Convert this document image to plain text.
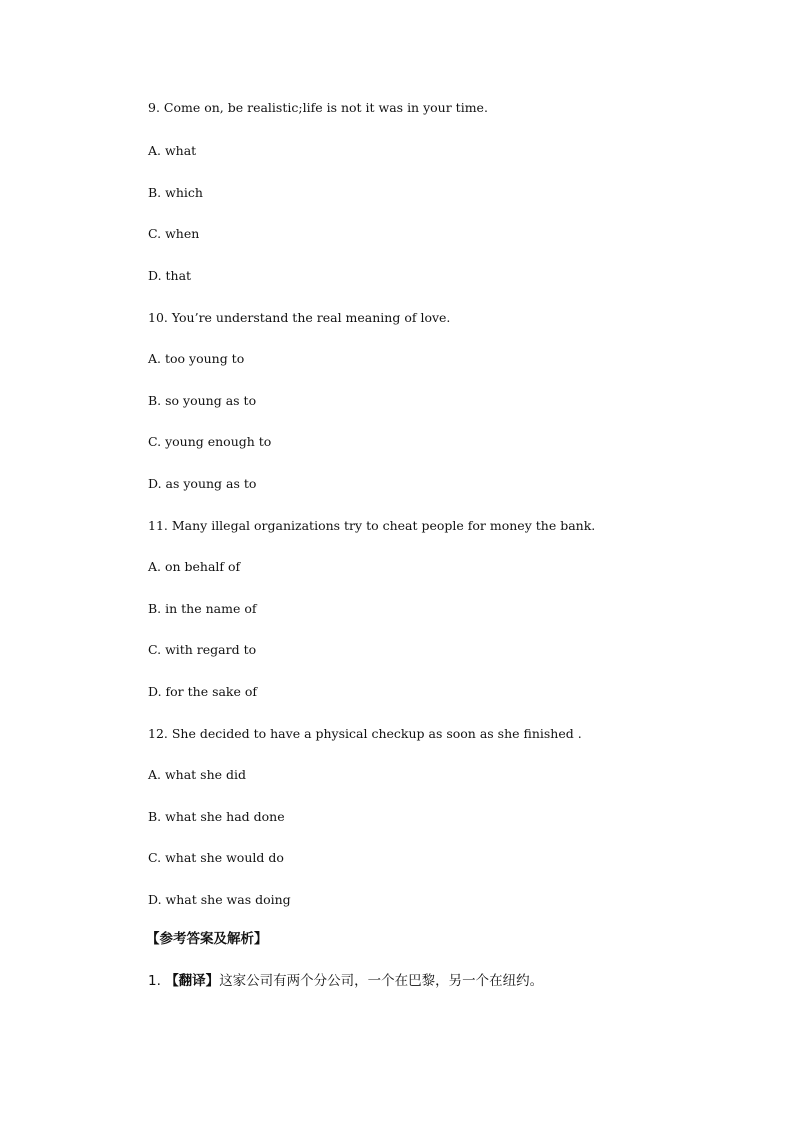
9. Come on, be realistic;life is not it was in your time.
A. what
B. which
C. when
D. that
10. You’re understand the real meaning of love.
A. too young to
B. so young as to
C. young enough to
D. as young as to
11. Many illegal organizations try to cheat people for money the bank.
A. on behalf of
B. in the name of
C. with regard to
D. for the sake of
12. She decided to have a physical checkup as soon as she finished .
A. what she did
B. what she had done
C. what she would do
D. what she was doing
【参考答案及解析】
1. 【翻译】这家公司有两个分公司，一个在巴黎，另一个在纽约。
